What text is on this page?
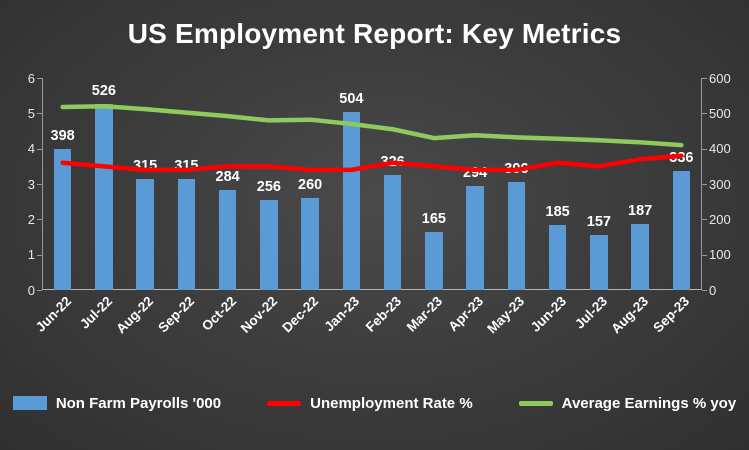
US Employment Report: Key Metrics
0
1
2
3
4
5
6
0
100
200
300
400
500
600
398
526
315 315
284
256 260
504
326
165
294 306
185
157
187
336
Jun-22 Jul-22
Aug-22 Sep-22 Oct-22
Nov-22 Dec-22 Jan-23 Feb-23 Mar-23 Apr-23
May-23 Jun-23 Jul-23
Aug-23 Sep-23
Non Farm Payrolls '000	Unemployment Rate %	Average Earnings % yoy
